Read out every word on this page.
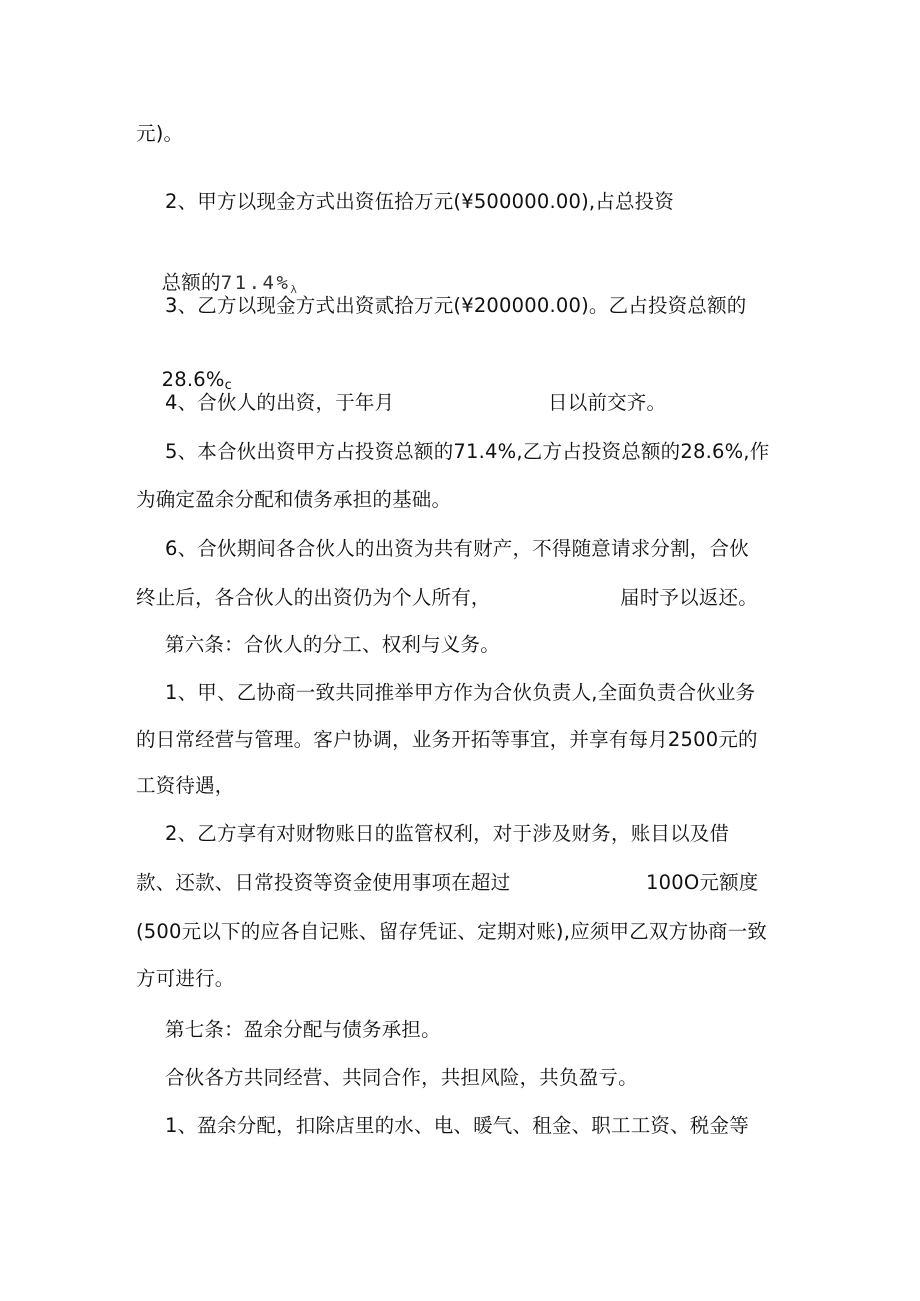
元)。
2、甲方以现金方式出资伍拾万元(¥500000.00),占总投资

总额的$71.4\%_\lambda$

3、乙方以现金方式出资贰拾万元(¥200000.00)。乙占投资总额的

28.6%c

4、合伙人的出资，于年月	日以前交齐。
5、本合伙出资甲方占投资总额的71.4%,乙方占投资总额的28.6%,作
为确定盈余分配和债务承担的基础。
6、合伙期间各合伙人的出资为共有财产，不得随意请求分割，合伙
终止后，各合伙人的出资仍为个人所有，	届时予以返还。
第六条：合伙人的分工、权利与义务。
1、甲、乙协商一致共同推举甲方作为合伙负责人,全面负责合伙业务
的日常经营与管理。客户协调，业务开拓等事宜，并享有每月2500元的
工资待遇，
2、乙方享有对财物账日的监管权利，对于涉及财务，账目以及借
款、还款、日常投资等资金使用事项在超过	100O元额度
(500元以下的应各自记账、留存凭证、定期对账),应须甲乙双方协商一致
方可进行。
第七条：盈余分配与债务承担。
合伙各方共同经营、共同合作，共担风险，共负盈亏。
1、盈余分配，扣除店里的水、电、暖气、租金、职工工资、税金等
